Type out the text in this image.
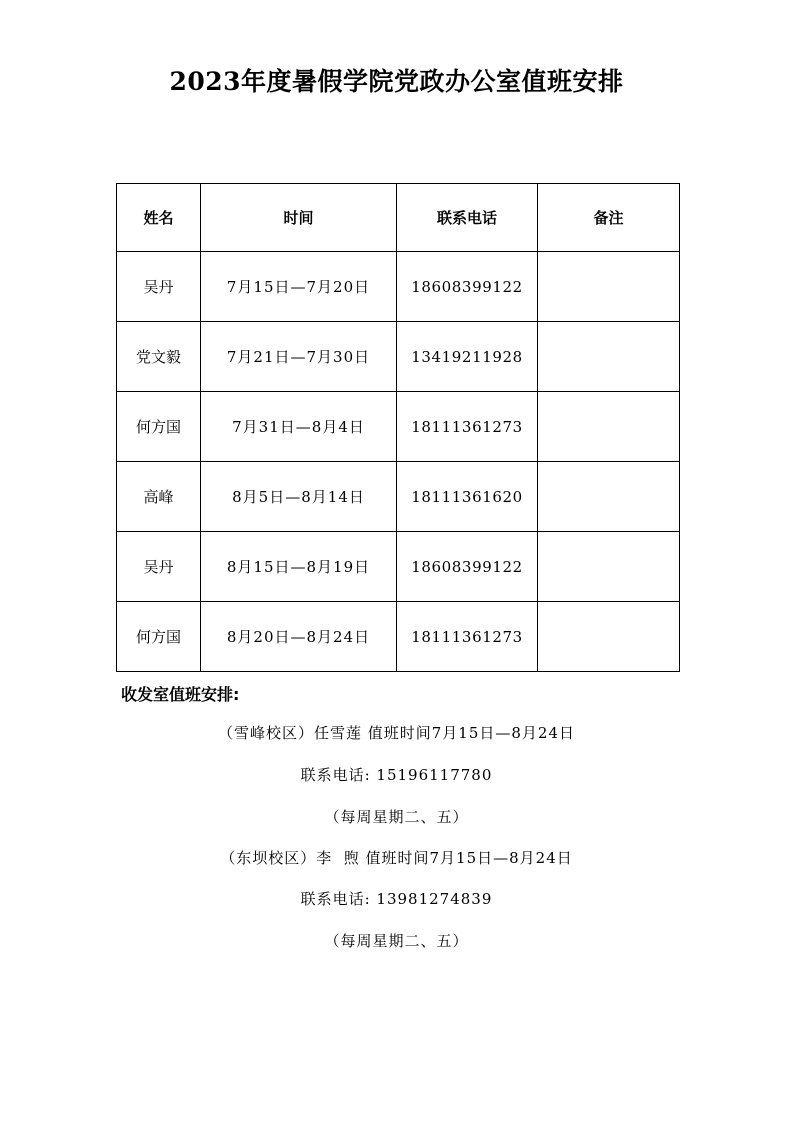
2023年度暑假学院党政办公室值班安排
姓名	时间	联系电话	备注
吴丹	7月15日—7月20日	18608399122	
党文毅	7月21日—7月30日	13419211928	
何方国	7月31日—8月4日	18111361273	
高峰	8月5日—8月14日	18111361620	
吴丹	8月15日—8月19日	18608399122	
何方国	8月20日—8月24日	18111361273	
收发室值班安排:
（雪峰校区）任雪莲 值班时间7月15日—8月24日
联系电话: 15196117780
（每周星期二、五）
（东坝校区）李  煦 值班时间7月15日—8月24日
联系电话: 13981274839
（每周星期二、五）
